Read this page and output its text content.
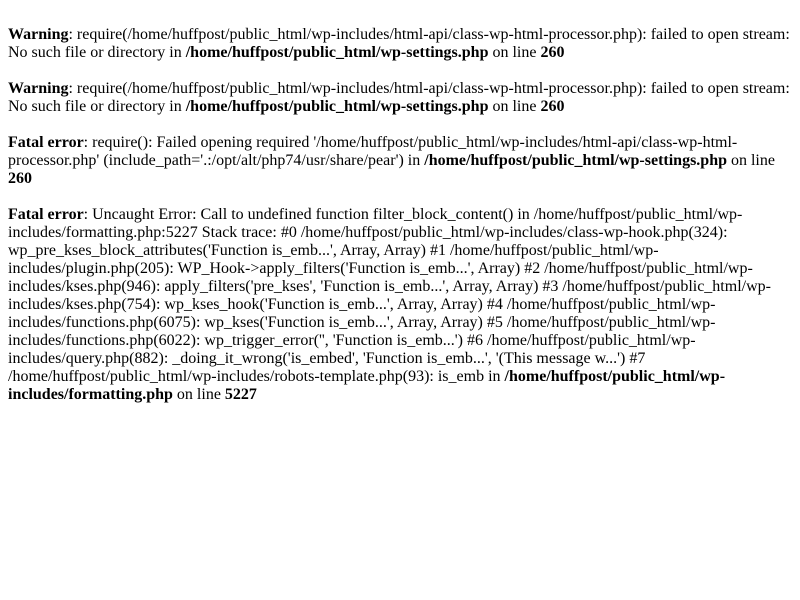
Warning: require(/home/huffpost/public_html/wp-includes/html-api/class-wp-html-processor.php): failed to open stream: No such file or directory in /home/huffpost/public_html/wp-settings.php on line 260
Warning: require(/home/huffpost/public_html/wp-includes/html-api/class-wp-html-processor.php): failed to open stream: No such file or directory in /home/huffpost/public_html/wp-settings.php on line 260
Fatal error: require(): Failed opening required '/home/huffpost/public_html/wp-includes/html-api/class-wp-html-processor.php' (include_path='.:/opt/alt/php74/usr/share/pear') in /home/huffpost/public_html/wp-settings.php on line 260
Fatal error: Uncaught Error: Call to undefined function filter_block_content() in /home/huffpost/public_html/wp-includes/formatting.php:5227 Stack trace: #0 /home/huffpost/public_html/wp-includes/class-wp-hook.php(324): wp_pre_kses_block_attributes('Function is_emb...', Array, Array) #1 /home/huffpost/public_html/wp-includes/plugin.php(205): WP_Hook->apply_filters('Function is_emb...', Array) #2 /home/huffpost/public_html/wp-includes/kses.php(946): apply_filters('pre_kses', 'Function is_emb...', Array, Array) #3 /home/huffpost/public_html/wp-includes/kses.php(754): wp_kses_hook('Function is_emb...', Array, Array) #4 /home/huffpost/public_html/wp-includes/functions.php(6075): wp_kses('Function is_emb...', Array, Array) #5 /home/huffpost/public_html/wp-includes/functions.php(6022): wp_trigger_error('', 'Function is_emb...') #6 /home/huffpost/public_html/wp-includes/query.php(882): _doing_it_wrong('is_embed', 'Function is_emb...', '(This message w...') #7 /home/huffpost/public_html/wp-includes/robots-template.php(93): is_emb in /home/huffpost/public_html/wp-includes/formatting.php on line 5227
